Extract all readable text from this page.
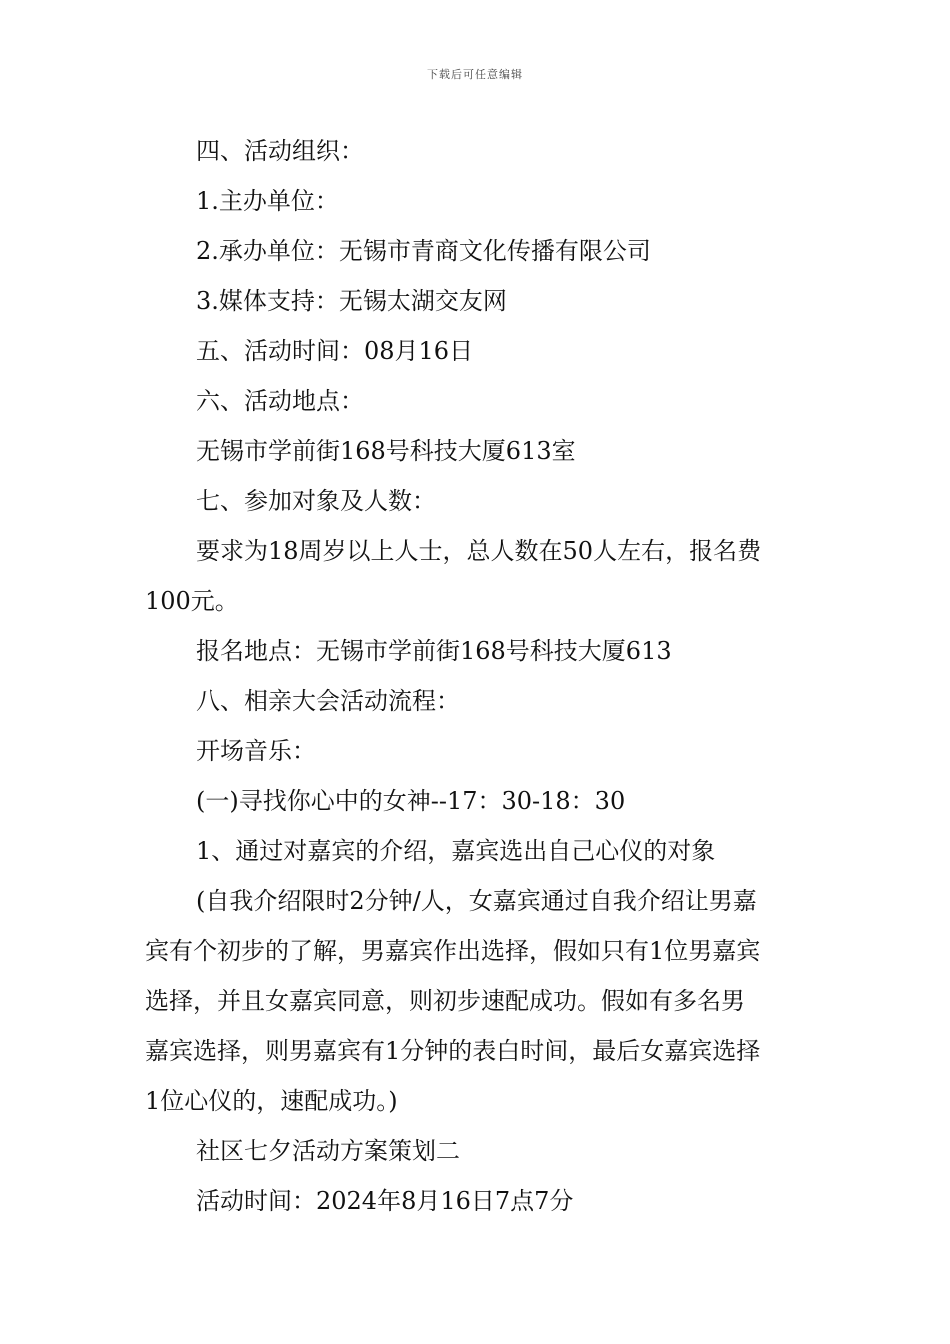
下载后可任意编辑
四、活动组织：
1.主办单位：
2.承办单位：无锡市青商文化传播有限公司
3.媒体支持：无锡太湖交友网
五、活动时间：08月16日
六、活动地点：
无锡市学前街168号科技大厦613室
七、参加对象及人数：
要求为18周岁以上人士，总人数在50人左右，报名费
100元。
报名地点：无锡市学前街168号科技大厦613
八、相亲大会活动流程：
开场音乐：
(一)寻找你心中的女神--17：30-18：30
1、通过对嘉宾的介绍，嘉宾选出自己心仪的对象
(自我介绍限时2分钟/人，女嘉宾通过自我介绍让男嘉
宾有个初步的了解，男嘉宾作出选择，假如只有1位男嘉宾
选择，并且女嘉宾同意，则初步速配成功。假如有多名男
嘉宾选择，则男嘉宾有1分钟的表白时间，最后女嘉宾选择
1位心仪的，速配成功。)
社区七夕活动方案策划二
活动时间：2024年8月16日7点7分
